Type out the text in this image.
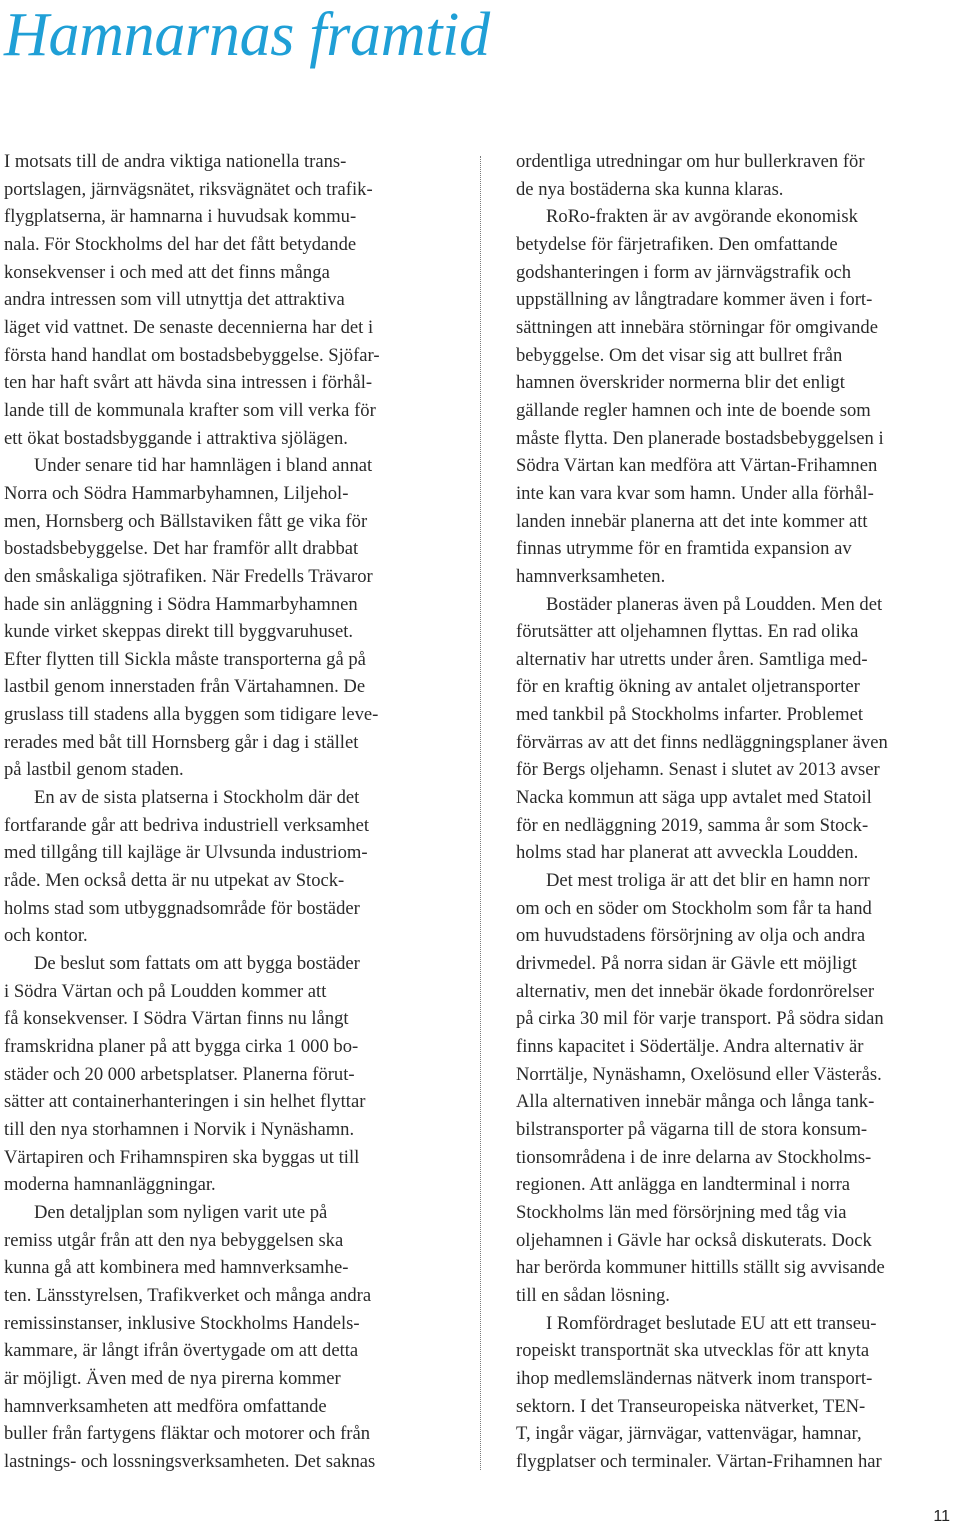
Hamnarnas framtid
I motsats till de andra viktiga nationella trans-
portslagen, järnvägsnätet, riksvägnätet och trafik-
flygplatserna, är hamnarna i huvudsak kommu-
nala. För Stockholms del har det fått betydande
konsekvenser i och med att det finns många
andra intressen som vill utnyttja det attraktiva
läget vid vattnet. De senaste decennierna har det i
första hand handlat om bostadsbebyggelse. Sjöfar-
ten har haft svårt att hävda sina intressen i förhål-
lande till de kommunala krafter som vill verka för
ett ökat bostadsbyggande i attraktiva sjölägen.
Under senare tid har hamnlägen i bland annat
Norra och Södra Hammarbyhamnen, Liljehol-
men, Hornsberg och Bällstaviken fått ge vika för
bostadsbebyggelse. Det har framför allt drabbat
den småskaliga sjötrafiken. När Fredells Trävaror
hade sin anläggning i Södra Hammarbyhamnen
kunde virket skeppas direkt till byggvaruhuset.
Efter flytten till Sickla måste transporterna gå på
lastbil genom innerstaden från Värtahamnen. De
gruslass till stadens alla byggen som tidigare leve-
rerades med båt till Hornsberg går i dag i stället
på lastbil genom staden.
En av de sista platserna i Stockholm där det
fortfarande går att bedriva industriell verksamhet
med tillgång till kajläge är Ulvsunda industriom-
råde. Men också detta är nu utpekat av Stock-
holms stad som utbyggnadsområde för bostäder
och kontor.
De beslut som fattats om att bygga bostäder
i Södra Värtan och på Loudden kommer att
få konsekvenser. I Södra Värtan finns nu långt
framskridna planer på att bygga cirka 1 000 bo-
städer och 20 000 arbetsplatser. Planerna förut-
sätter att containerhanteringen i sin helhet flyttar
till den nya storhamnen i Norvik i Nynäshamn.
Värtapiren och Frihamnspiren ska byggas ut till
moderna hamnanläggningar.
Den detaljplan som nyligen varit ute på
remiss utgår från att den nya bebyggelsen ska
kunna gå att kombinera med hamnverksamhe-
ten. Länsstyrelsen, Trafikverket och många andra
remissinstanser, inklusive Stockholms Handels-
kammare, är långt ifrån övertygade om att detta
är möjligt. Även med de nya pirerna kommer
hamnverksamheten att medföra omfattande
buller från fartygens fläktar och motorer och från
lastnings- och lossningsverksamheten. Det saknas
ordentliga utredningar om hur bullerkraven för
de nya bostäderna ska kunna klaras.
RoRo-frakten är av avgörande ekonomisk
betydelse för färjetrafiken. Den omfattande
godshanteringen i form av järnvägstrafik och
uppställning av långtradare kommer även i fort-
sättningen att innebära störningar för omgivande
bebyggelse. Om det visar sig att bullret från
hamnen överskrider normerna blir det enligt
gällande regler hamnen och inte de boende som
måste flytta. Den planerade bostadsbebyggelsen i
Södra Värtan kan medföra att Värtan-Frihamnen
inte kan vara kvar som hamn. Under alla förhål-
landen innebär planerna att det inte kommer att
finnas utrymme för en framtida expansion av
hamnverksamheten.
Bostäder planeras även på Loudden. Men det
förutsätter att oljehamnen flyttas. En rad olika
alternativ har utretts under åren. Samtliga med-
för en kraftig ökning av antalet oljetransporter
med tankbil på Stockholms infarter. Problemet
förvärras av att det finns nedläggningsplaner även
för Bergs oljehamn. Senast i slutet av 2013 avser
Nacka kommun att säga upp avtalet med Statoil
för en nedläggning 2019, samma år som Stock-
holms stad har planerat att avveckla Loudden.
Det mest troliga är att det blir en hamn norr
om och en söder om Stockholm som får ta hand
om huvudstadens försörjning av olja och andra
drivmedel. På norra sidan är Gävle ett möjligt
alternativ, men det innebär ökade fordonrörelser
på cirka 30 mil för varje transport. På södra sidan
finns kapacitet i Södertälje. Andra alternativ är
Norrtälje, Nynäshamn, Oxelösund eller Västerås.
Alla alternativen innebär många och långa tank-
bilstransporter på vägarna till de stora konsum-
tionsområdena i de inre delarna av Stockholms-
regionen. Att anlägga en landterminal i norra
Stockholms län med försörjning med tåg via
oljehamnen i Gävle har också diskuterats. Dock
har berörda kommuner hittills ställt sig avvisande
till en sådan lösning.
I Romfördraget beslutade EU att ett transeu-
ropeiskt transportnät ska utvecklas för att knyta
ihop medlemsländernas nätverk inom transport-
sektorn. I det Transeuropeiska nätverket, TEN-
T, ingår vägar, järnvägar, vattenvägar, hamnar,
flygplatser och terminaler. Värtan-Frihamnen har
11
